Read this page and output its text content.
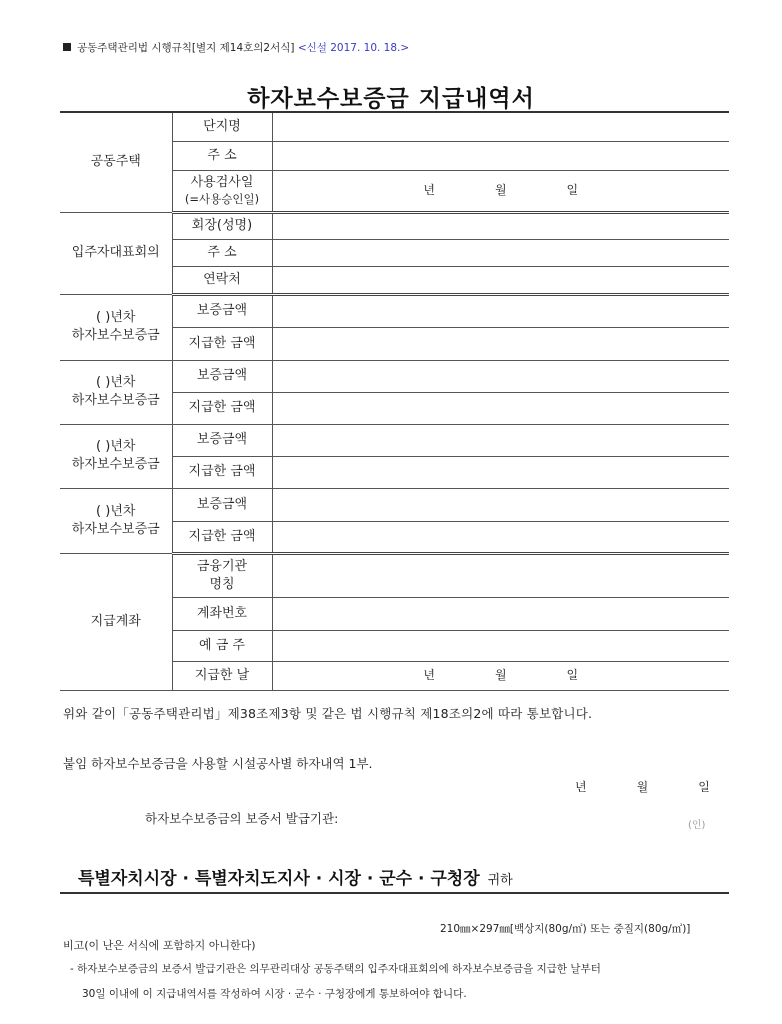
공동주택관리법 시행규칙[별지 제14호의2서식] <신설 2017. 10. 18.>
하자보수보증금 지급내역서
공동주택	단지명	
	주 소	

	사용검사일
(=사용승인일)	년 월 일

입주자대표회의	회장(성명)	
	주 소	
	연락처	

( )년차
하자보수보증금	보증금액	
	지급한 금액	

( )년차
하자보수보증금	보증금액	
	지급한 금액	

( )년차
하자보수보증금	보증금액	
	지급한 금액	

( )년차
하자보수보증금	보증금액	
	지급한 금액	
지급계좌	금융기관
명칭	

	계좌번호	
	예 금 주	
	지급한 날	년 월 일
위와 같이「공동주택관리법」제38조제3항 및 같은 법 시행규칙 제18조의2에 따라 통보합니다.
붙임 하자보수보증금을 사용할 시설공사별 하자내역 1부.
년	월	일
하자보수보증금의 보증서 발급기관:	(인)
특별자치시장 · 특별자치도지사 · 시장 · 군수 · 구청장 귀하
210㎜×297㎜[백상지(80g/㎡) 또는 중질지(80g/㎡)]
비고(이 난은 서식에 포함하지 아니한다)
- 하자보수보증금의 보증서 발급기관은 의무관리대상 공동주택의 입주자대표회의에 하자보수보증금을 지급한 날부터
30일 이내에 이 지급내역서를 작성하여 시장 · 군수 · 구청장에게 통보하여야 합니다.
